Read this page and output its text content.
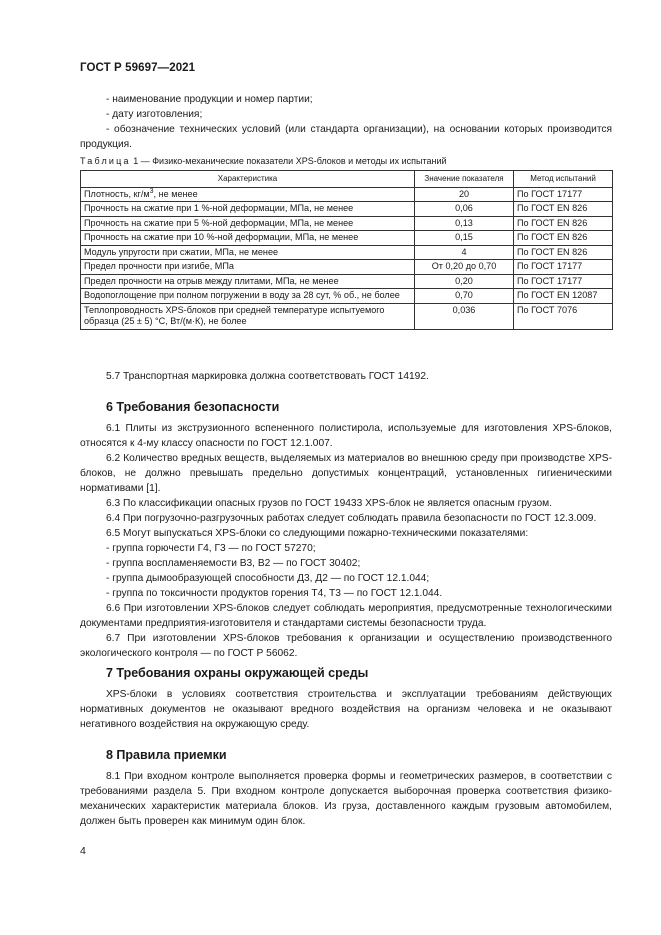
ГОСТ Р 59697—2021

- наименование продукции и номер партии;

- дату изготовления;

- обозначение технических условий (или стандарта организации), на основании которых производится продукция.

Таблица 1 — Физико-механические показатели XPS-блоков и методы их испытаний
Характеристика	Значение показателя	Метод испытаний
Плотность, $кг/м^3$, не менее	20	По ГОСТ 17177
Прочность на сжатие при 1 %-ной деформации, МПа, не менее	0,06	По ГОСТ EN 826
Прочность на сжатие при 5 %-ной деформации, МПа, не менее	0,13	По ГОСТ EN 826
Прочность на сжатие при 10 %-ной деформации, МПа, не менее	0,15	По ГОСТ EN 826
Модуль упругости при сжатии, МПа, не менее	4	По ГОСТ EN 826
Предел прочности при изгибе, МПа	От 0,20 до 0,70	По ГОСТ 17177
Предел прочности на отрыв между плитами, МПа, не менее	0,20	По ГОСТ 17177
Водопоглощение при полном погружении в воду за 28 сут, % об., не более	0,70	По ГОСТ EN 12087
Теплопроводность XPS-блоков при средней температуре испытуемого образца (25 ± 5) °С, Вт/(м·К), не более	0,036	По ГОСТ 7076

5.7 Транспортная маркировка должна соответствовать ГОСТ 14192.

6 Требования безопасности

6.1 Плиты из экструзионного вспененного полистирола, используемые для изготовления XPS-блоков, относятся к 4-му классу опасности по ГОСТ 12.1.007.

6.2 Количество вредных веществ, выделяемых из материалов во внешнюю среду при производстве XPS-блоков, не должно превышать предельно допустимых концентраций, установленных гигиеническими нормативами [1].

6.3 По классификации опасных грузов по ГОСТ 19433 XPS-блок не является опасным грузом.

6.4 При погрузочно-разгрузочных работах следует соблюдать правила безопасности по ГОСТ 12.3.009.

6.5 Могут выпускаться XPS-блоки со следующими пожарно-техническими показателями:

- группа горючести Г4, Г3 — по ГОСТ 57270;

- группа воспламеняемости В3, В2 — по ГОСТ 30402;

- группа дымообразующей способности Д3, Д2 — по ГОСТ 12.1.044;

- группа по токсичности продуктов горения Т4, Т3 — по ГОСТ 12.1.044.

6.6 При изготовлении XPS-блоков следует соблюдать мероприятия, предусмотренные технологическими документами предприятия-изготовителя и стандартами системы безопасности труда.

6.7 При изготовлении XPS-блоков требования к организации и осуществлению производственного экологического контроля — по ГОСТ Р 56062.

7 Требования охраны окружающей среды

XPS-блоки в условиях соответствия строительства и эксплуатации требованиям действующих нормативных документов не оказывают вредного воздействия на организм человека и не оказывают негативного воздействия на окружающую среду.

8 Правила приемки

8.1 При входном контроле выполняется проверка формы и геометрических размеров, в соответствии с требованиями раздела 5. При входном контроле допускается выборочная проверка соответствия физико-механических характеристик материала блоков. Из груза, доставленного каждым грузовым автомобилем, должен быть проверен как минимум один блок.

4
